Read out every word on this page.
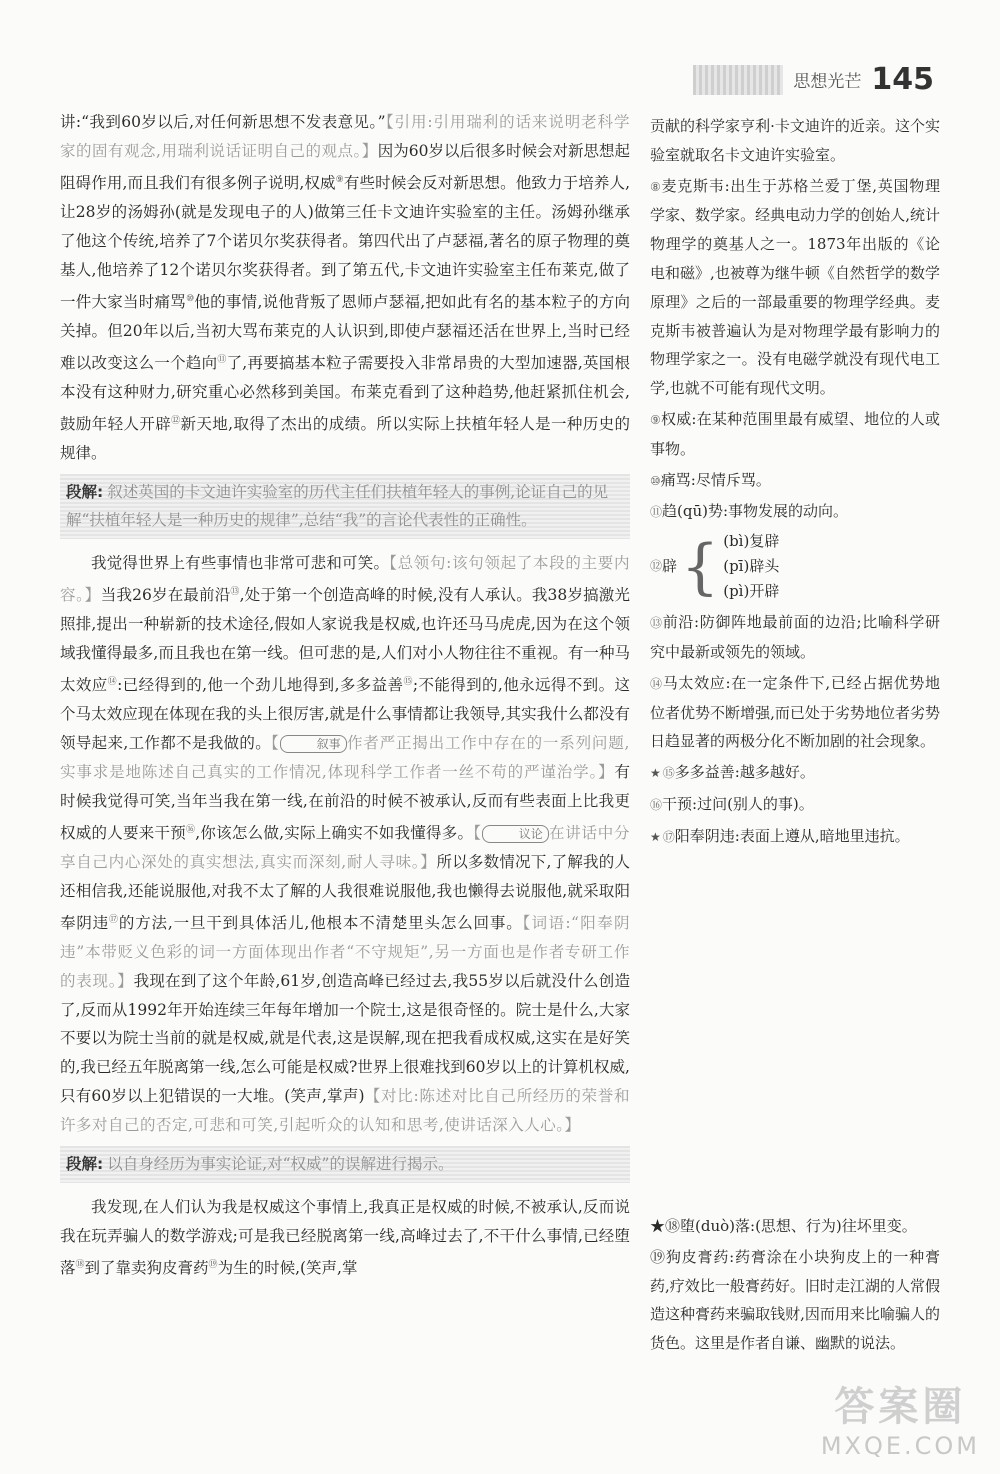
思想光芒 145

讲:“我到60岁以后,对任何新思想不发表意见。”【引用:引用瑞利的话来说明老科学家的固有观念,用瑞利说话证明自己的观点。】因为60岁以后很多时候会对新思想起阻碍作用,而且我们有很多例子说明,权威⑨有些时候会反对新思想。他致力于培养人,让28岁的汤姆孙(就是发现电子的人)做第三任卡文迪许实验室的主任。汤姆孙继承了他这个传统,培养了7个诺贝尔奖获得者。第四代出了卢瑟福,著名的原子物理的奠基人,他培养了12个诺贝尔奖获得者。到了第五代,卡文迪许实验室主任布莱克,做了一件大家当时痛骂⑩他的事情,说他背叛了恩师卢瑟福,把如此有名的基本粒子的方向关掉。但20年以后,当初大骂布莱克的人认识到,即使卢瑟福还活在世界上,当时已经难以改变这么一个趋向⑪了,再要搞基本粒子需要投入非常昂贵的大型加速器,英国根本没有这种财力,研究重心必然移到美国。布莱克看到了这种趋势,他赶紧抓住机会,鼓励年轻人开辟⑫新天地,取得了杰出的成绩。所以实际上扶植年轻人是一种历史的规律。

段解: 叙述英国的卡文迪许实验室的历代主任们扶植年轻人的事例,论证自己的见解“扶植年轻人是一种历史的规律”,总结“我”的言论代表性的正确性。

我觉得世界上有些事情也非常可悲和可笑。【总领句:该句领起了本段的主要内容。】当我26岁在最前沿⑬,处于第一个创造高峰的时候,没有人承认。我38岁搞激光照排,提出一种崭新的技术途径,假如人家说我是权威,也许还马马虎虎,因为在这个领域我懂得最多,而且我也在第一线。但可悲的是,人们对小人物往往不重视。有一种马太效应⑭:已经得到的,他一个劲儿地得到,多多益善⑮;不能得到的,他永远得不到。这个马太效应现在体现在我的头上很厉害,就是什么事情都让我领导,其实我什么都没有领导起来,工作都不是我做的。【	叙事 作者严正揭出工作中存在的一系列问题,实事求是地陈述自己真实的工作情况,体现科学工作者一丝不苟的严谨治学。】有时候我觉得可笑,当年当我在第一线,在前沿的时候不被承认,反而有些表面上比我更权威的人要来干预⑯,你该怎么做,实际上确实不如我懂得多。【	议论 在讲话中分享自己内心深处的真实想法,真实而深刻,耐人寻味。】所以多数情况下,了解我的人还相信我,还能说服他,对我不太了解的人我很难说服他,我也懒得去说服他,就采取阳奉阴违⑰的方法,一旦干到具体活儿,他根本不清楚里头怎么回事。【词语:“阳奉阴违”本带贬义色彩的词一方面体现出作者“不守规矩”,另一方面也是作者专研工作的表现。】我现在到了这个年龄,61岁,创造高峰已经过去,我55岁以后就没什么创造了,反而从1992年开始连续三年每年增加一个院士,这是很奇怪的。院士是什么,大家不要以为院士当前的就是权威,就是代表,这是误解,现在把我看成权威,这实在是好笑的,我已经五年脱离第一线,怎么可能是权威?世界上很难找到60岁以上的计算机权威,只有60岁以上犯错误的一大堆。(笑声,掌声)【对比:陈述对比自己所经历的荣誉和许多对自己的否定,可悲和可笑,引起听众的认知和思考,使讲话深入人心。】

段解: 以自身经历为事实论证,对“权威”的误解进行揭示。

我发现,在人们认为我是权威这个事情上,我真正是权威的时候,不被承认,反而说我在玩弄骗人的数学游戏;可是我已经脱离第一线,高峰过去了,不干什么事情,已经堕落⑱到了靠卖狗皮膏药⑲为生的时候,(笑声,掌

贡献的科学家亨利·卡文迪许的近亲。这个实验室就取名卡文迪许实验室。
⑧麦克斯韦:出生于苏格兰爱丁堡,英国物理学家、数学家。经典电动力学的创始人,统计物理学的奠基人之一。1873年出版的《论电和磁》,也被尊为继牛顿《自然哲学的数学原理》之后的一部最重要的物理学经典。麦克斯韦被普遍认为是对物理学最有影响力的物理学家之一。没有电磁学就没有现代电工学,也就不可能有现代文明。
⑨权威:在某种范围里最有威望、地位的人或事物。
⑩痛骂:尽情斥骂。
⑪趋(qū)势:事物发展的动向。
⑫ 辟 { (bì)复辟
(pī)辟头
(pì)开辟
⑬前沿:防御阵地最前面的边沿;比喻科学研究中最新或领先的领域。
⑭马太效应:在一定条件下,已经占据优势地位者优势不断增强,而已处于劣势地位者劣势日趋显著的两极分化不断加剧的社会现象。
★ ⑮多多益善:越多越好。
⑯干预:过问(别人的事)。
★ ⑰阳奉阴违:表面上遵从,暗地里违抗。
★⑱堕(duò)落:(思想、行为)往坏里变。
⑲狗皮膏药:药膏涂在小块狗皮上的一种膏药,疗效比一般膏药好。旧时走江湖的人常假造这种膏药来骗取钱财,因而用来比喻骗人的货色。这里是作者自谦、幽默的说法。
答案圈
MXQE.COM
